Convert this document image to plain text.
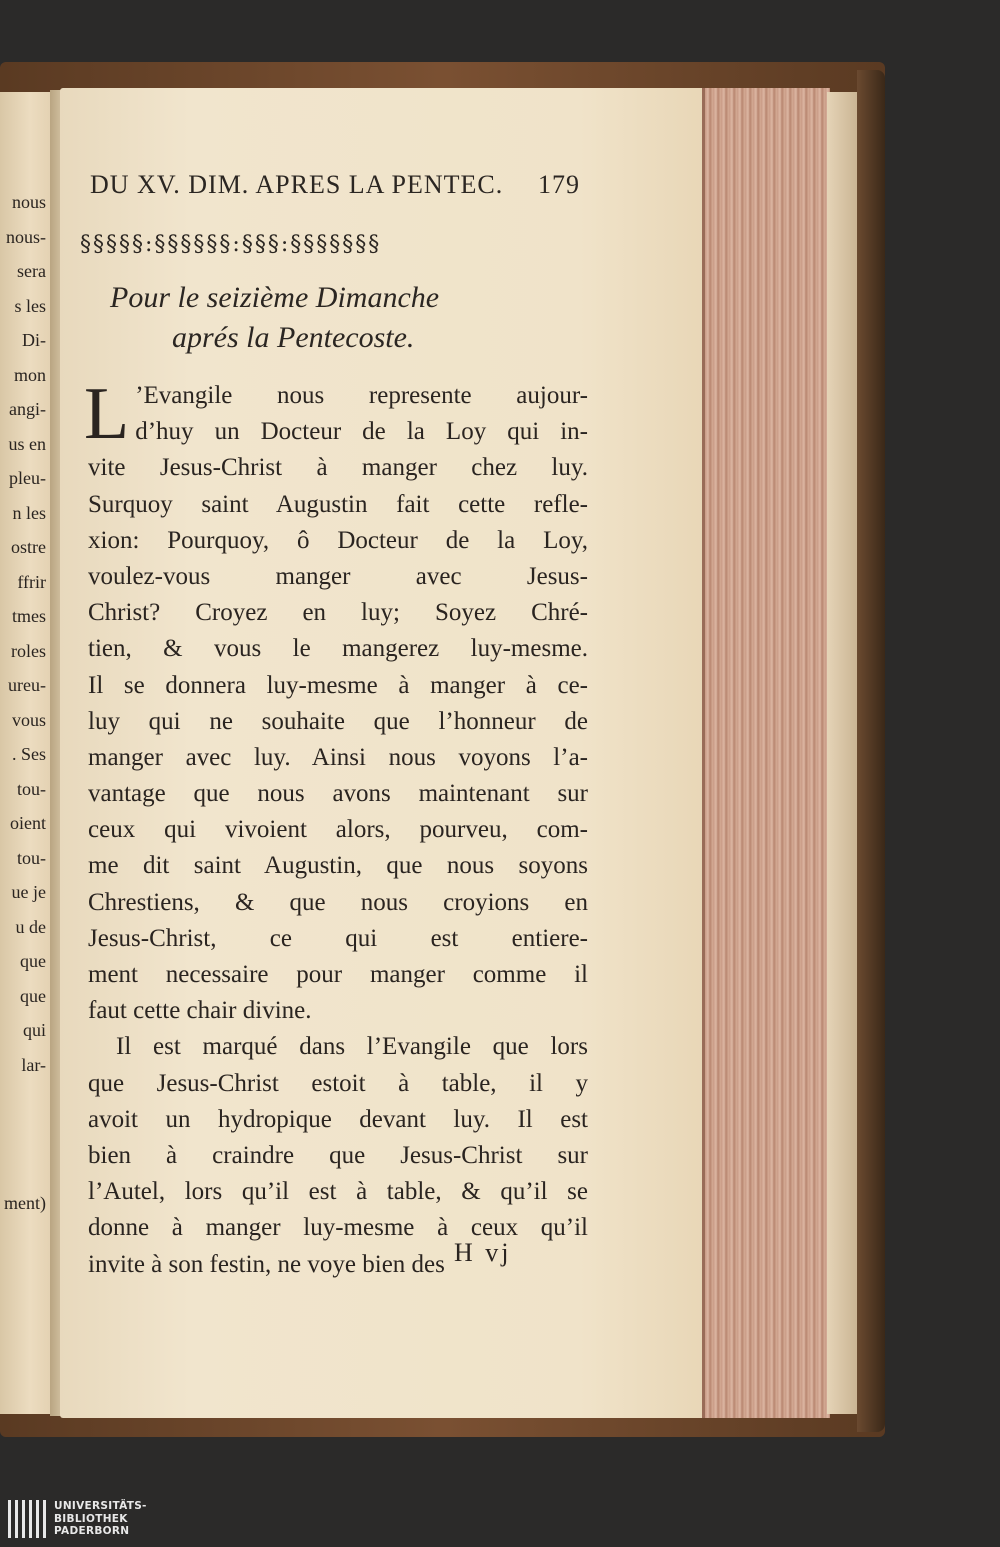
nous
nous-
sera
s les
Di-
mon
angi-
us en
pleu-
n les
ostre
ffrir
tmes
roles
ureu-
vous
. Ses
tou-
oient
tou-
ue je
u de
que
que
qui
lar-
ment)
DU XV. DIM. APRES LA PENTEC. 179
§§§§§:§§§§§§:§§§:§§§§§§§
Pour le seizième Dimanche
aprés la Pentecoste.
L ’Evangile nous represente aujour-
d’huy un Docteur de la Loy qui in-
vite Jesus-Christ à manger chez luy.
Surquoy saint Augustin fait cette refle-
xion: Pourquoy, ô Docteur de la Loy,
voulez-vous manger avec Jesus-
Christ? Croyez en luy; Soyez Chré-
tien, & vous le mangerez luy-mesme.
Il se donnera luy-mesme à manger à ce-
luy qui ne souhaite que l’honneur de
manger avec luy. Ainsi nous voyons l’a-
vantage que nous avons maintenant sur
ceux qui vivoient alors, pourveu, com-
me dit saint Augustin, que nous soyons
Chrestiens, & que nous croyions en
Jesus-Christ, ce qui est entiere-
ment necessaire pour manger comme il
faut cette chair divine.
Il est marqué dans l’Evangile que lors
que Jesus-Christ estoit à table, il y
avoit un hydropique devant luy. Il est
bien à craindre que Jesus-Christ sur
l’Autel, lors qu’il est à table, & qu’il se
donne à manger luy-mesme à ceux qu’il
invite à son festin, ne voye bien des H vj
UNIVERSITÄTS-
BIBLIOTHEK
PADERBORN
